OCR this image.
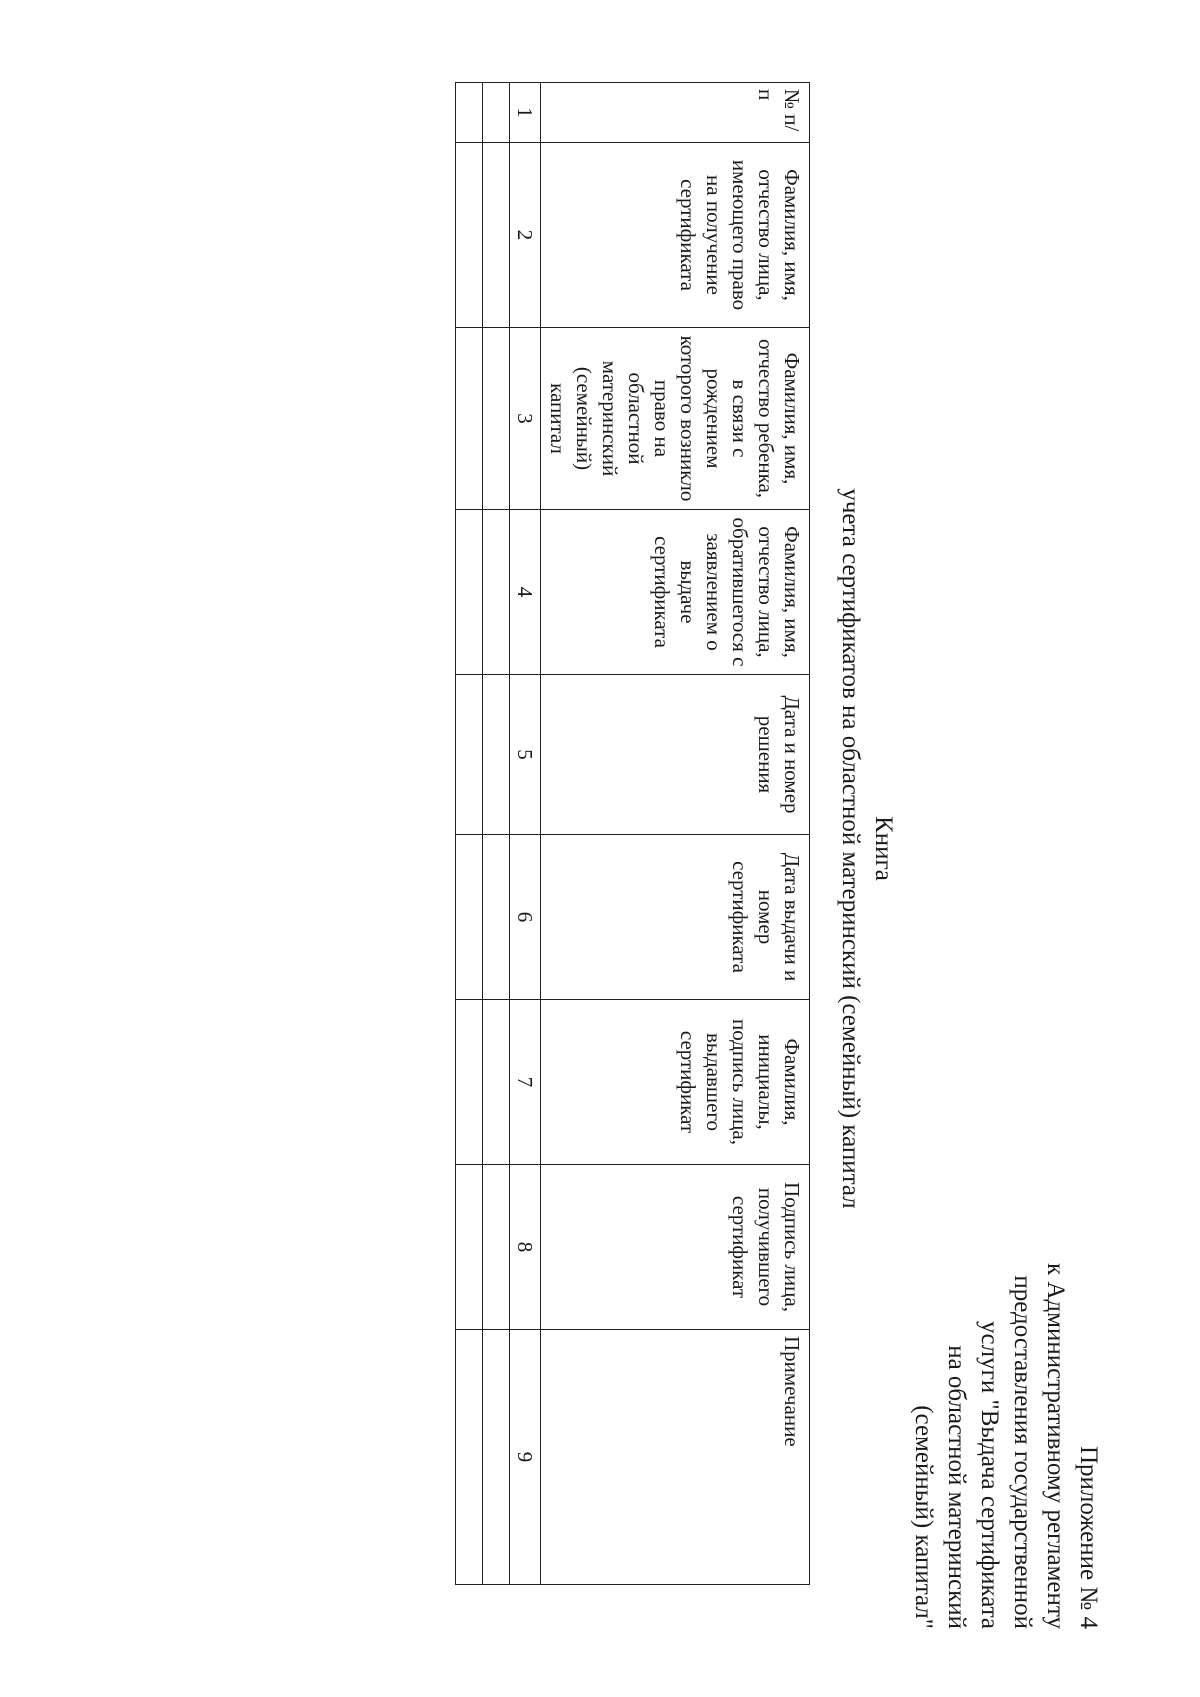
Приложение № 4
к Административному регламенту
предоставления государственной
услуги "Выдача сертификата
на областной материнский
(семейный) капитал"
Книга
учета сертификатов на областной материнский (семейный) капитал
№ п/п	Фамилия, имя, отчество лица, имеющего право на получение сертификата	Фамилия, имя, отчество ребенка, в связи с рождением которого возникло право на областной материнский (семейный) капитал	Фамилия, имя, отчество лица, обратившегося с заявлением о выдаче сертификата	Дата и номер решения	Дата выдачи и номер сертификата	Фамилия, инициалы, подпись лица, выдавшего сертификат	Подпись лица, получившего сертификат	Примечание
1	2	3	4	5	6	7	8	9
